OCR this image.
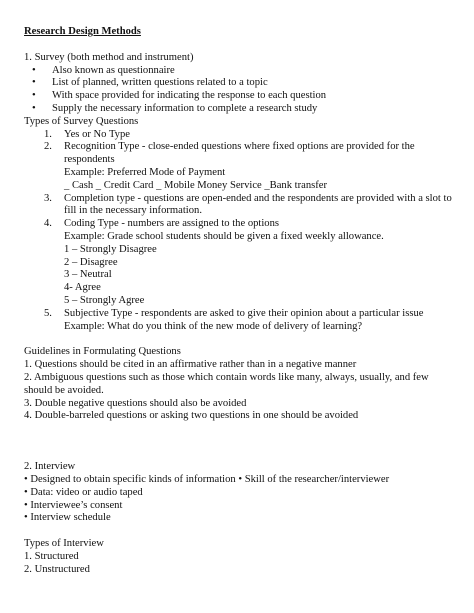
Research Design Methods
1. Survey (both method and instrument)
• Also known as questionnaire
• List of planned, written questions related to a topic
• With space provided for indicating the response to each question
• Supply the necessary information to complete a research study
Types of Survey Questions
1. Yes or No Type
2. Recognition Type - close-ended questions where fixed options are provided for the respondents
Example: Preferred Mode of Payment
_ Cash _ Credit Card _ Mobile Money Service _Bank transfer
3. Completion type - questions are open-ended and the respondents are provided with a slot to fill in the necessary information.
4. Coding Type - numbers are assigned to the options
Example: Grade school students should be given a fixed weekly allowance.
1 – Strongly Disagree
2 – Disagree
3 – Neutral
4- Agree
5 – Strongly Agree
5. Subjective Type - respondents are asked to give their opinion about a particular issue
Example: What do you think of the new mode of delivery of learning?
Guidelines in Formulating Questions
1. Questions should be cited in an affirmative rather than in a negative manner
2. Ambiguous questions such as those which contain words like many, always, usually, and few should be avoided.
3. Double negative questions should also be avoided
4. Double-barreled questions or asking two questions in one should be avoided
2. Interview
• Designed to obtain specific kinds of information • Skill of the researcher/interviewer
• Data: video or audio taped
• Interviewee’s consent
• Interview schedule
Types of Interview
1. Structured
2. Unstructured
